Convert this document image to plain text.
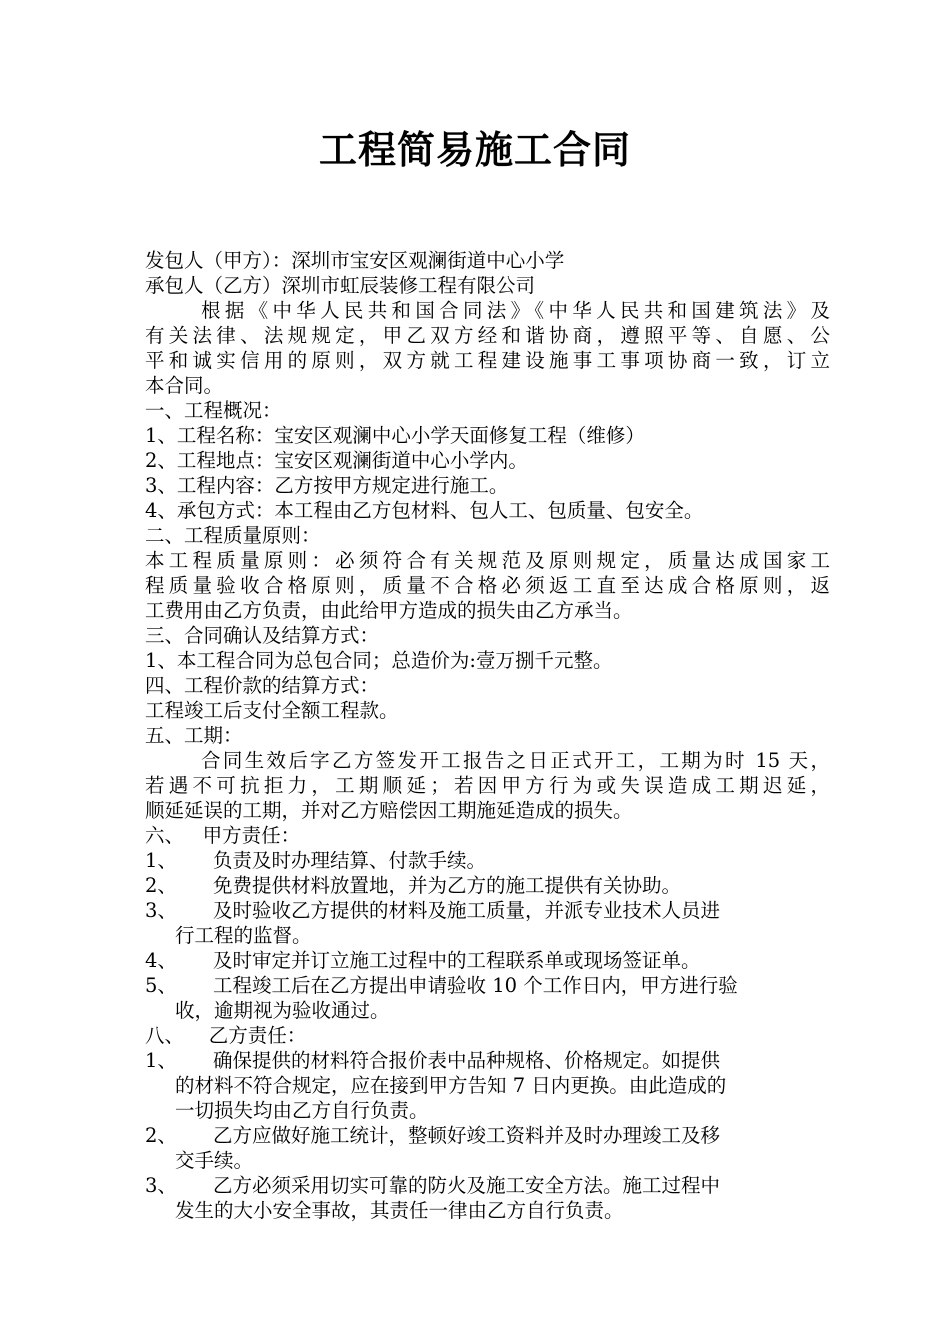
工程简易施工合同
发包人（甲方）：深圳市宝安区观澜街道中心小学
承包人（乙方）深圳市虹辰装修工程有限公司
根据《中华人民共和国合同法》《中华人民共和国建筑法》及
有关法律、法规规定，甲乙双方经和谐协商，遵照平等、自愿、公
平和诚实信用的原则，双方就工程建设施事工事项协商一致，订立
本合同。
一、工程概况：
1、工程名称：宝安区观澜中心小学天面修复工程（维修）
2、工程地点：宝安区观澜街道中心小学内。
3、工程内容：乙方按甲方规定进行施工。
4、承包方式：本工程由乙方包材料、包人工、包质量、包安全。
二、工程质量原则：
本工程质量原则：必须符合有关规范及原则规定，质量达成国家工
程质量验收合格原则，质量不合格必须返工直至达成合格原则，返
工费用由乙方负责，由此给甲方造成的损失由乙方承当。
三、合同确认及结算方式：
1、本工程合同为总包合同；总造价为:壹万捌千元整。
四、工程价款的结算方式：
工程竣工后支付全额工程款。
五、工期：
合同生效后字乙方签发开工报告之日正式开工，工期为时 15 天，
若遇不可抗拒力，工期顺延；若因甲方行为或失误造成工期迟延，
顺延延误的工期，并对乙方赔偿因工期施延造成的损失。
六、   甲方责任：
1、	负责及时办理结算、付款手续。
2、	免费提供材料放置地，并为乙方的施工提供有关协助。
3、	及时验收乙方提供的材料及施工质量，并派专业技术人员进
行工程的监督。
4、	及时审定并订立施工过程中的工程联系单或现场签证单。
5、	工程竣工后在乙方提出申请验收 10 个工作日内，甲方进行验
收，逾期视为验收通过。
八、    乙方责任：
1、	确保提供的材料符合报价表中品种规格、价格规定。如提供
的材料不符合规定，应在接到甲方告知 7 日内更换。由此造成的
一切损失均由乙方自行负责。
2、	乙方应做好施工统计，整顿好竣工资料并及时办理竣工及移
交手续。
3、	乙方必须采用切实可靠的防火及施工安全方法。施工过程中
发生的大小安全事故，其责任一律由乙方自行负责。
